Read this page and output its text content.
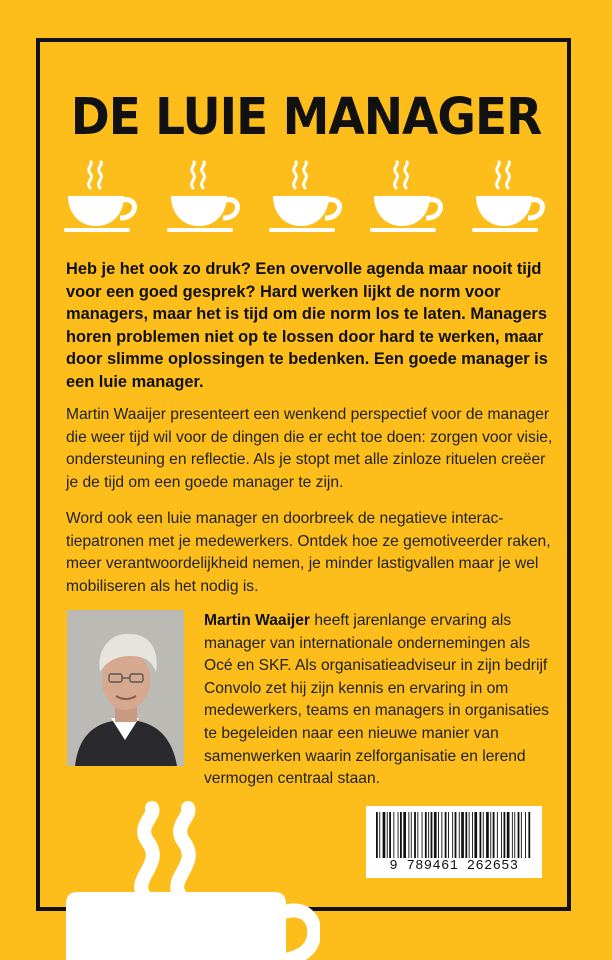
DE LUIE MANAGER

Heb je het ook zo druk? Een overvolle agenda maar nooit tijd voor een goed gesprek? Hard werken lijkt de norm voor managers, maar het is tijd om die norm los te laten. Managers horen problemen niet op te lossen door hard te werken, maar door slimme oplossingen te bedenken. Een goede manager is een luie manager.

Martin Waaijer presenteert een wenkend perspectief voor de manager die weer tijd wil voor de dingen die er echt toe doen: zorgen voor visie, ondersteuning en reflectie. Als je stopt met alle zinloze rituelen creëer je de tijd om een goede manager te zijn.

Word ook een luie manager en doorbreek de negatieve interactiepatronen met je medewerkers. Ontdek hoe ze gemotiveerder raken, meer verantwoordelijkheid nemen, je minder lastigvallen maar je wel mobiliseren als het nodig is.

Martin Waaijer heeft jarenlange ervaring als manager van internationale ondernemingen als Océ en SKF. Als organisatieadviseur in zijn bedrijf Convolo zet hij zijn kennis en ervaring in om medewerkers, teams en managers in organisaties te begeleiden naar een nieuwe manier van samenwerken waarin zelforganisatie en lerend vermogen centraal staan.

9 789461 262653
